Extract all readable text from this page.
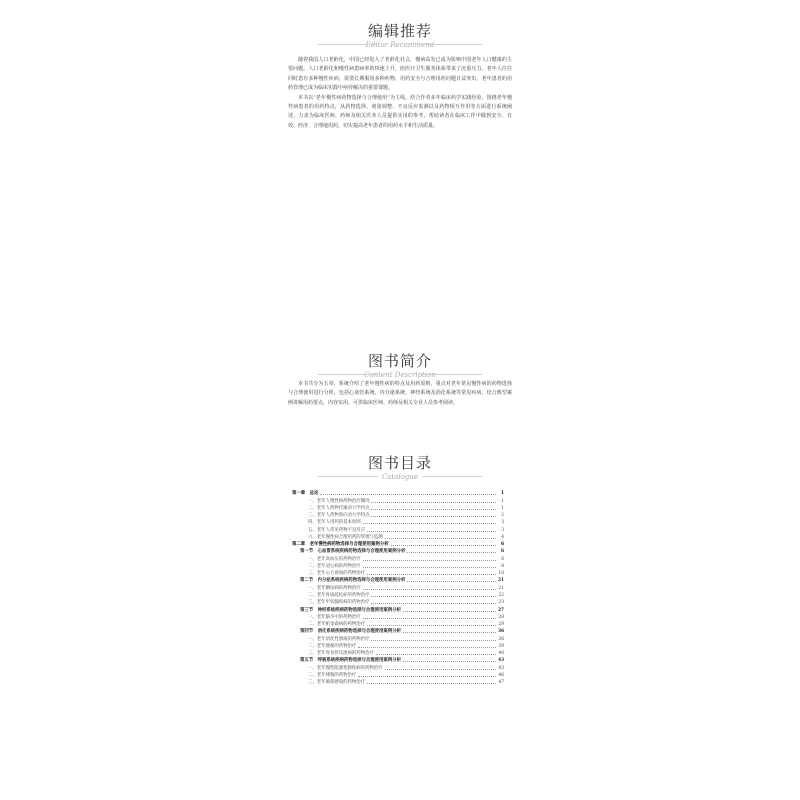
编辑推荐
Editor Recommend

随着我国人口老龄化，中国已经进入了老龄化社会，慢病高发已成为影响中国老年人口健康的主要问题。人口老龄化和慢性病患病率的快速上升，给医疗卫生服务体系带来了沉重压力。老年人往往同时患有多种慢性疾病，需要长期服用多种药物，用药安全与合理用药问题日益突出，老年患者的用药管理已成为临床实践中亟待解决的重要课题。

本书以“老年慢性病药物选择与合理使用”为主线，结合作者多年临床药学实践经验，围绕老年慢性病患者的用药特点，从药物选择、剂量调整、不良反应监测以及药物相互作用等方面进行系统阐述，力求为临床医师、药师及相关医务人员提供实用的参考，帮助读者在临床工作中做到安全、有效、经济、合理地用药，切实提高老年患者的用药水平和生活质量。

图书简介
Content Description

本书共分为五章，系统介绍了老年慢性病的特点及用药原则，重点对老年常见慢性病的药物选择与合理使用进行分析，包括心血管系统、内分泌系统、神经系统及消化系统等常见疾病，结合典型案例讲解用药要点，内容实用，可供临床医师、药师及相关专业人员参考阅读。

图书目录
Catalogue
第一章　总论	1
一、老年人慢性病药物治疗概况	1
二、老年人药物代谢动力学特点	1
三、老年人药物效应动力学特点	2
四、老年人用药的基本原则	3
五、老年人常见药物不良反应	3
六、老年慢性病合理用药的管理与监测	4
第二章　老年慢性病药物选择与合理使用案例分析	6
第一节　心血管系统疾病药物选择与合理使用案例分析	6
一、老年高血压的药物治疗	6
二、老年冠心病的药物治疗	8
三、老年心力衰竭的药物治疗	10
第二节　内分泌系统疾病药物选择与合理使用案例分析	21
一、老年糖尿病的药物治疗	21
二、老年骨质疏松症的药物治疗	22
三、老年甲状腺疾病的药物治疗	23
第三节　神经系统疾病药物选择与合理使用案例分析	27
一、老年脑卒中的药物治疗	28
二、老年帕金森病的药物治疗	29
第四节　消化系统疾病药物选择与合理使用案例分析	36
一、老年消化性溃疡的药物治疗	36
二、老年便秘的药物治疗	39
三、老年胃食管反流病的药物治疗	40
第五节　呼吸系统疾病药物选择与合理使用案例分析	43
一、老年慢性阻塞性肺疾病的药物治疗	43
二、老年哮喘的药物治疗	46
三、老年肺部感染的药物治疗	47
